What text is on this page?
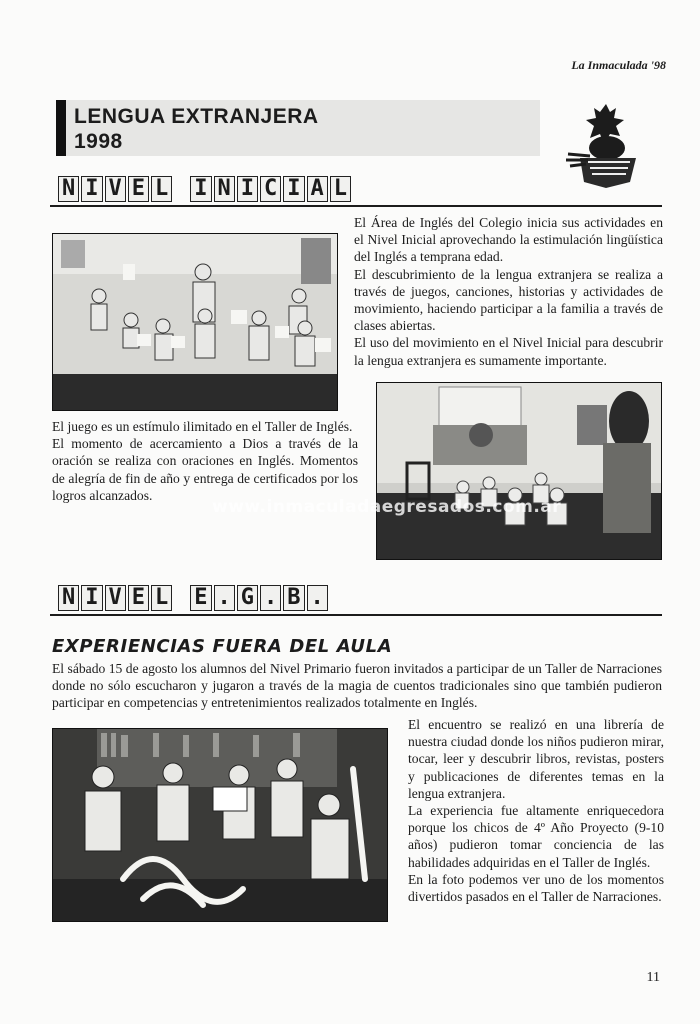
La Inmaculada '98
LENGUA EXTRANJERA
1998
N I V E L I N I C I A L

El Área de Inglés del Colegio inicia sus actividades en el Nivel Inicial aprovechando la estimulación lingüística del Inglés a temprana edad.

El descubrimiento de la lengua extranjera se realiza a través de juegos, canciones, historias y actividades de movimiento, haciendo participar a la familia a través de clases abiertas.

El uso del movimiento en el Nivel Inicial para descubrir la lengua extranjera es sumamente importante.

El juego es un estímulo ilimitado en el Taller de Inglés.

El momento de acercamiento a Dios a través de la oración se realiza con oraciones en Inglés. Momentos de alegría de fin de año y entrega de certificados por los logros alcanzados.

www.inmaculadaegresados.com.ar
N I V E L E . G . B .
EXPERIENCIAS FUERA DEL AULA
El sábado 15 de agosto los alumnos del Nivel Primario fueron invitados a participar de un Taller de Narraciones donde no sólo escucharon y jugaron a través de la magia de cuentos tradicionales sino que también pudieron participar en competencias y entretenimientos realizados totalmente en Inglés.

El encuentro se realizó en una librería de nuestra ciudad donde los niños pudieron mirar, tocar, leer y descubrir libros, revistas, posters y publicaciones de diferentes temas en la lengua extranjera.

La experiencia fue altamente enriquecedora porque los chicos de 4º Año Proyecto (9-10 años) pudieron tomar conciencia de las habilidades adquiridas en el Taller de Inglés.

En la foto podemos ver uno de los momentos divertidos pasados en el Taller de Narraciones.

11
